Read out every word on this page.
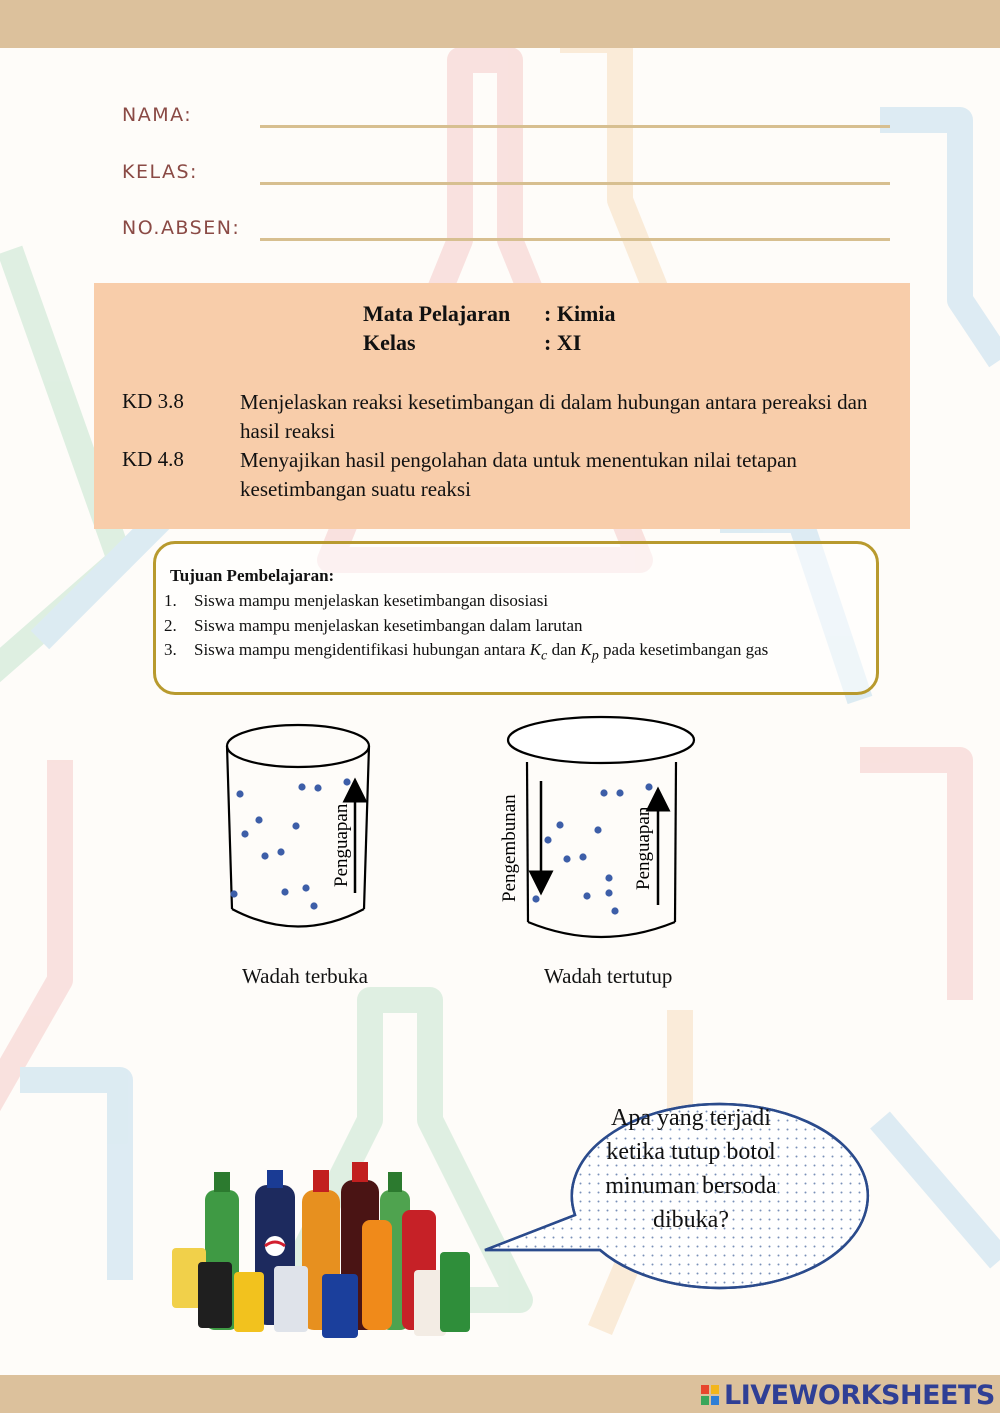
NAMA:
KELAS:
NO.ABSEN:
Mata Pelajaran : Kimia
Kelas	: XI
KD 3.8	Menjelaskan reaksi kesetimbangan di dalam hubungan antara pereaksi dan hasil reaksi
KD 4.8	Menyajikan hasil pengolahan data untuk menentukan nilai tetapan kesetimbangan suatu reaksi
Tujuan Pembelajaran:
1. Siswa mampu menjelaskan kesetimbangan disosiasi
2. Siswa mampu menjelaskan kesetimbangan dalam larutan
3. Siswa mampu mengidentifikasi hubungan antara $K_c$ dan $K_p$ pada kesetimbangan gas
Penguapan	Pengembunan	Penguapan
Wadah terbuka	Wadah tertutup
Apa yang terjadi ketika tutup botol minuman bersoda dibuka?
LIVEWORKSHEETS
